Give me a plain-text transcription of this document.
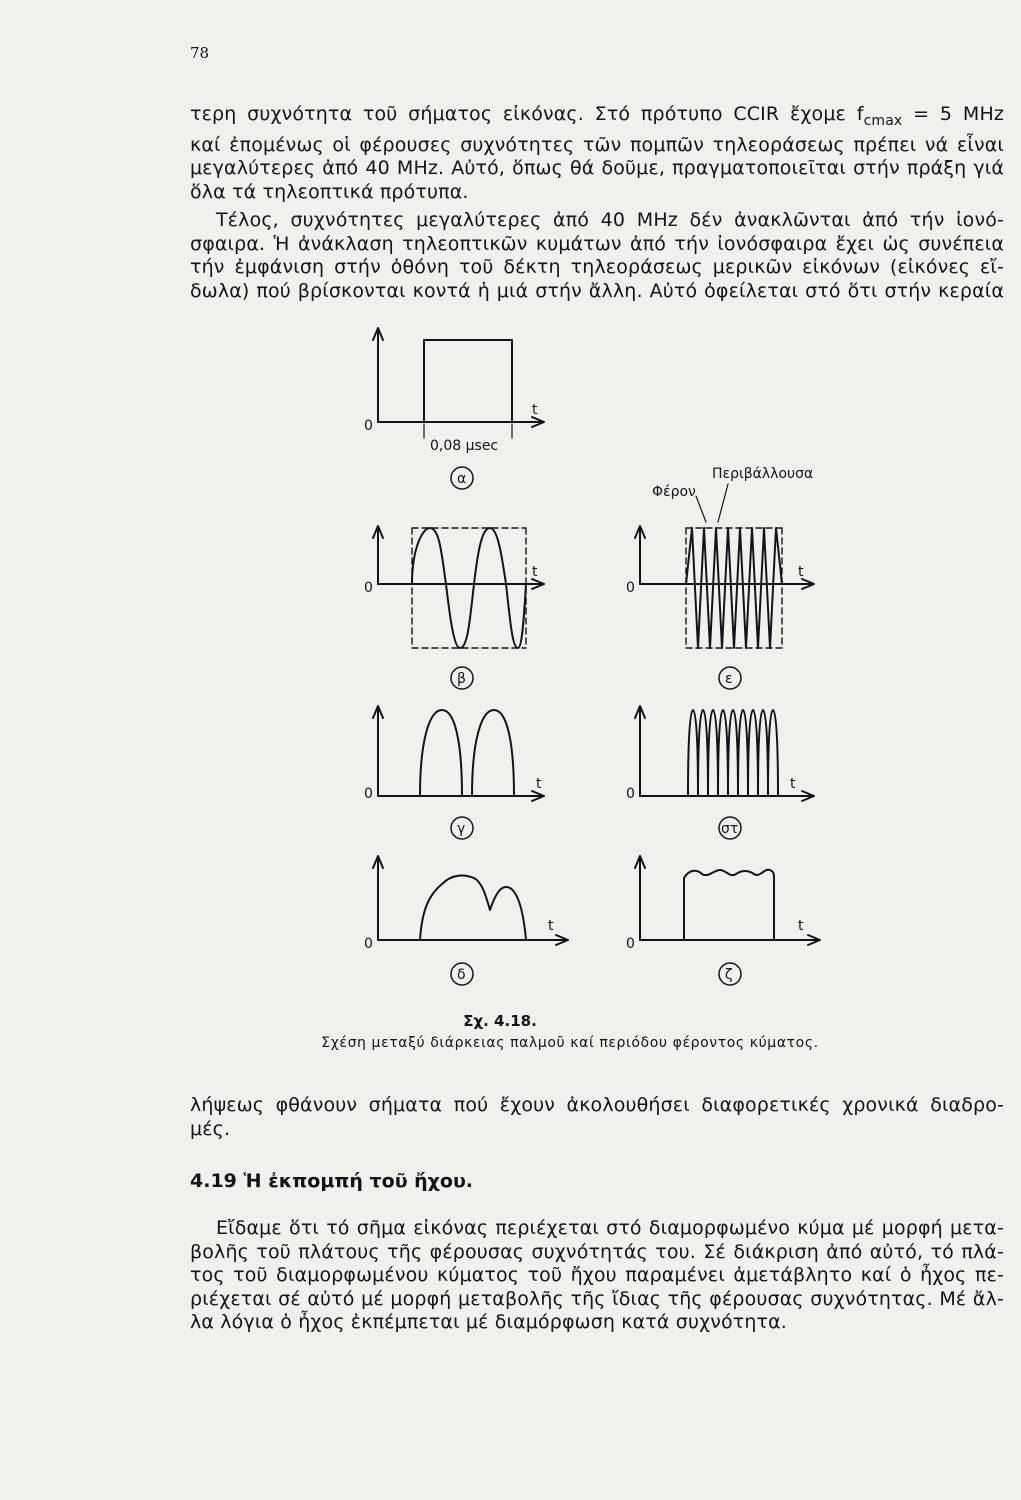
78

τερη συχνότητα τοῦ σήματος εἰκόνας. Στό πρότυπο CCIR ἔχομε $f_{cmax} = 5$ MHz
καί ἐπομένως οἱ φέρουσες συχνότητες τῶν πομπῶν τηλεοράσεως πρέπει νά εἶναι
μεγαλύτερες ἀπό 40 MHz. Αὐτό, ὅπως θά δοῦμε, πραγματοποιεῖται στήν πράξη γιά
ὅλα τά τηλεοπτικά πρότυπα.

Τέλος, συχνότητες μεγαλύτερες ἀπό 40 MHz δέν ἀνακλῶνται ἀπό τήν ἰονό-
σφαιρα. Ἡ ἀνάκλαση τηλεοπτικῶν κυμάτων ἀπό τήν ἰονόσφαιρα ἔχει ὡς συνέπεια
τήν ἐμφάνιση στήν ὀθόνη τοῦ δέκτη τηλεοράσεως μερικῶν εἰκόνων (εἰκόνες εἴ-
δωλα) πού βρίσκονται κοντά ἡ μιά στήν ἄλλη. Αὐτό ὀφείλεται στό ὅτι στήν κεραία

0
t
0,08 μsec
α
0
t
β
0
t
γ
0
t
δ
0
t
Περιβάλλουσα
Φέρον
ε
0
t
στ
0
t
ζ
Σχ. 4.18.
Σχέση μεταξύ διάρκειας παλμοῦ καί περιόδου φέροντος κύματος.

λήψεως φθάνουν σήματα πού ἔχουν ἀκολουθήσει διαφορετικές χρονικά διαδρο-
μές.

4.19 Ἡ ἐκπομπή τοῦ ἤχου.

Εἴδαμε ὅτι τό σῆμα εἰκόνας περιέχεται στό διαμορφωμένο κύμα μέ μορφή μετα-
βολῆς τοῦ πλάτους τῆς φέρουσας συχνότητάς του. Σέ διάκριση ἀπό αὐτό, τό πλά-
τος τοῦ διαμορφωμένου κύματος τοῦ ἤχου παραμένει ἀμετάβλητο καί ὁ ἦχος πε-
ριέχεται σέ αὐτό μέ μορφή μεταβολῆς τῆς ἴδιας τῆς φέρουσας συχνότητας. Μέ ἄλ-
λα λόγια ὁ ἦχος ἐκπέμπεται μέ διαμόρφωση κατά συχνότητα.
